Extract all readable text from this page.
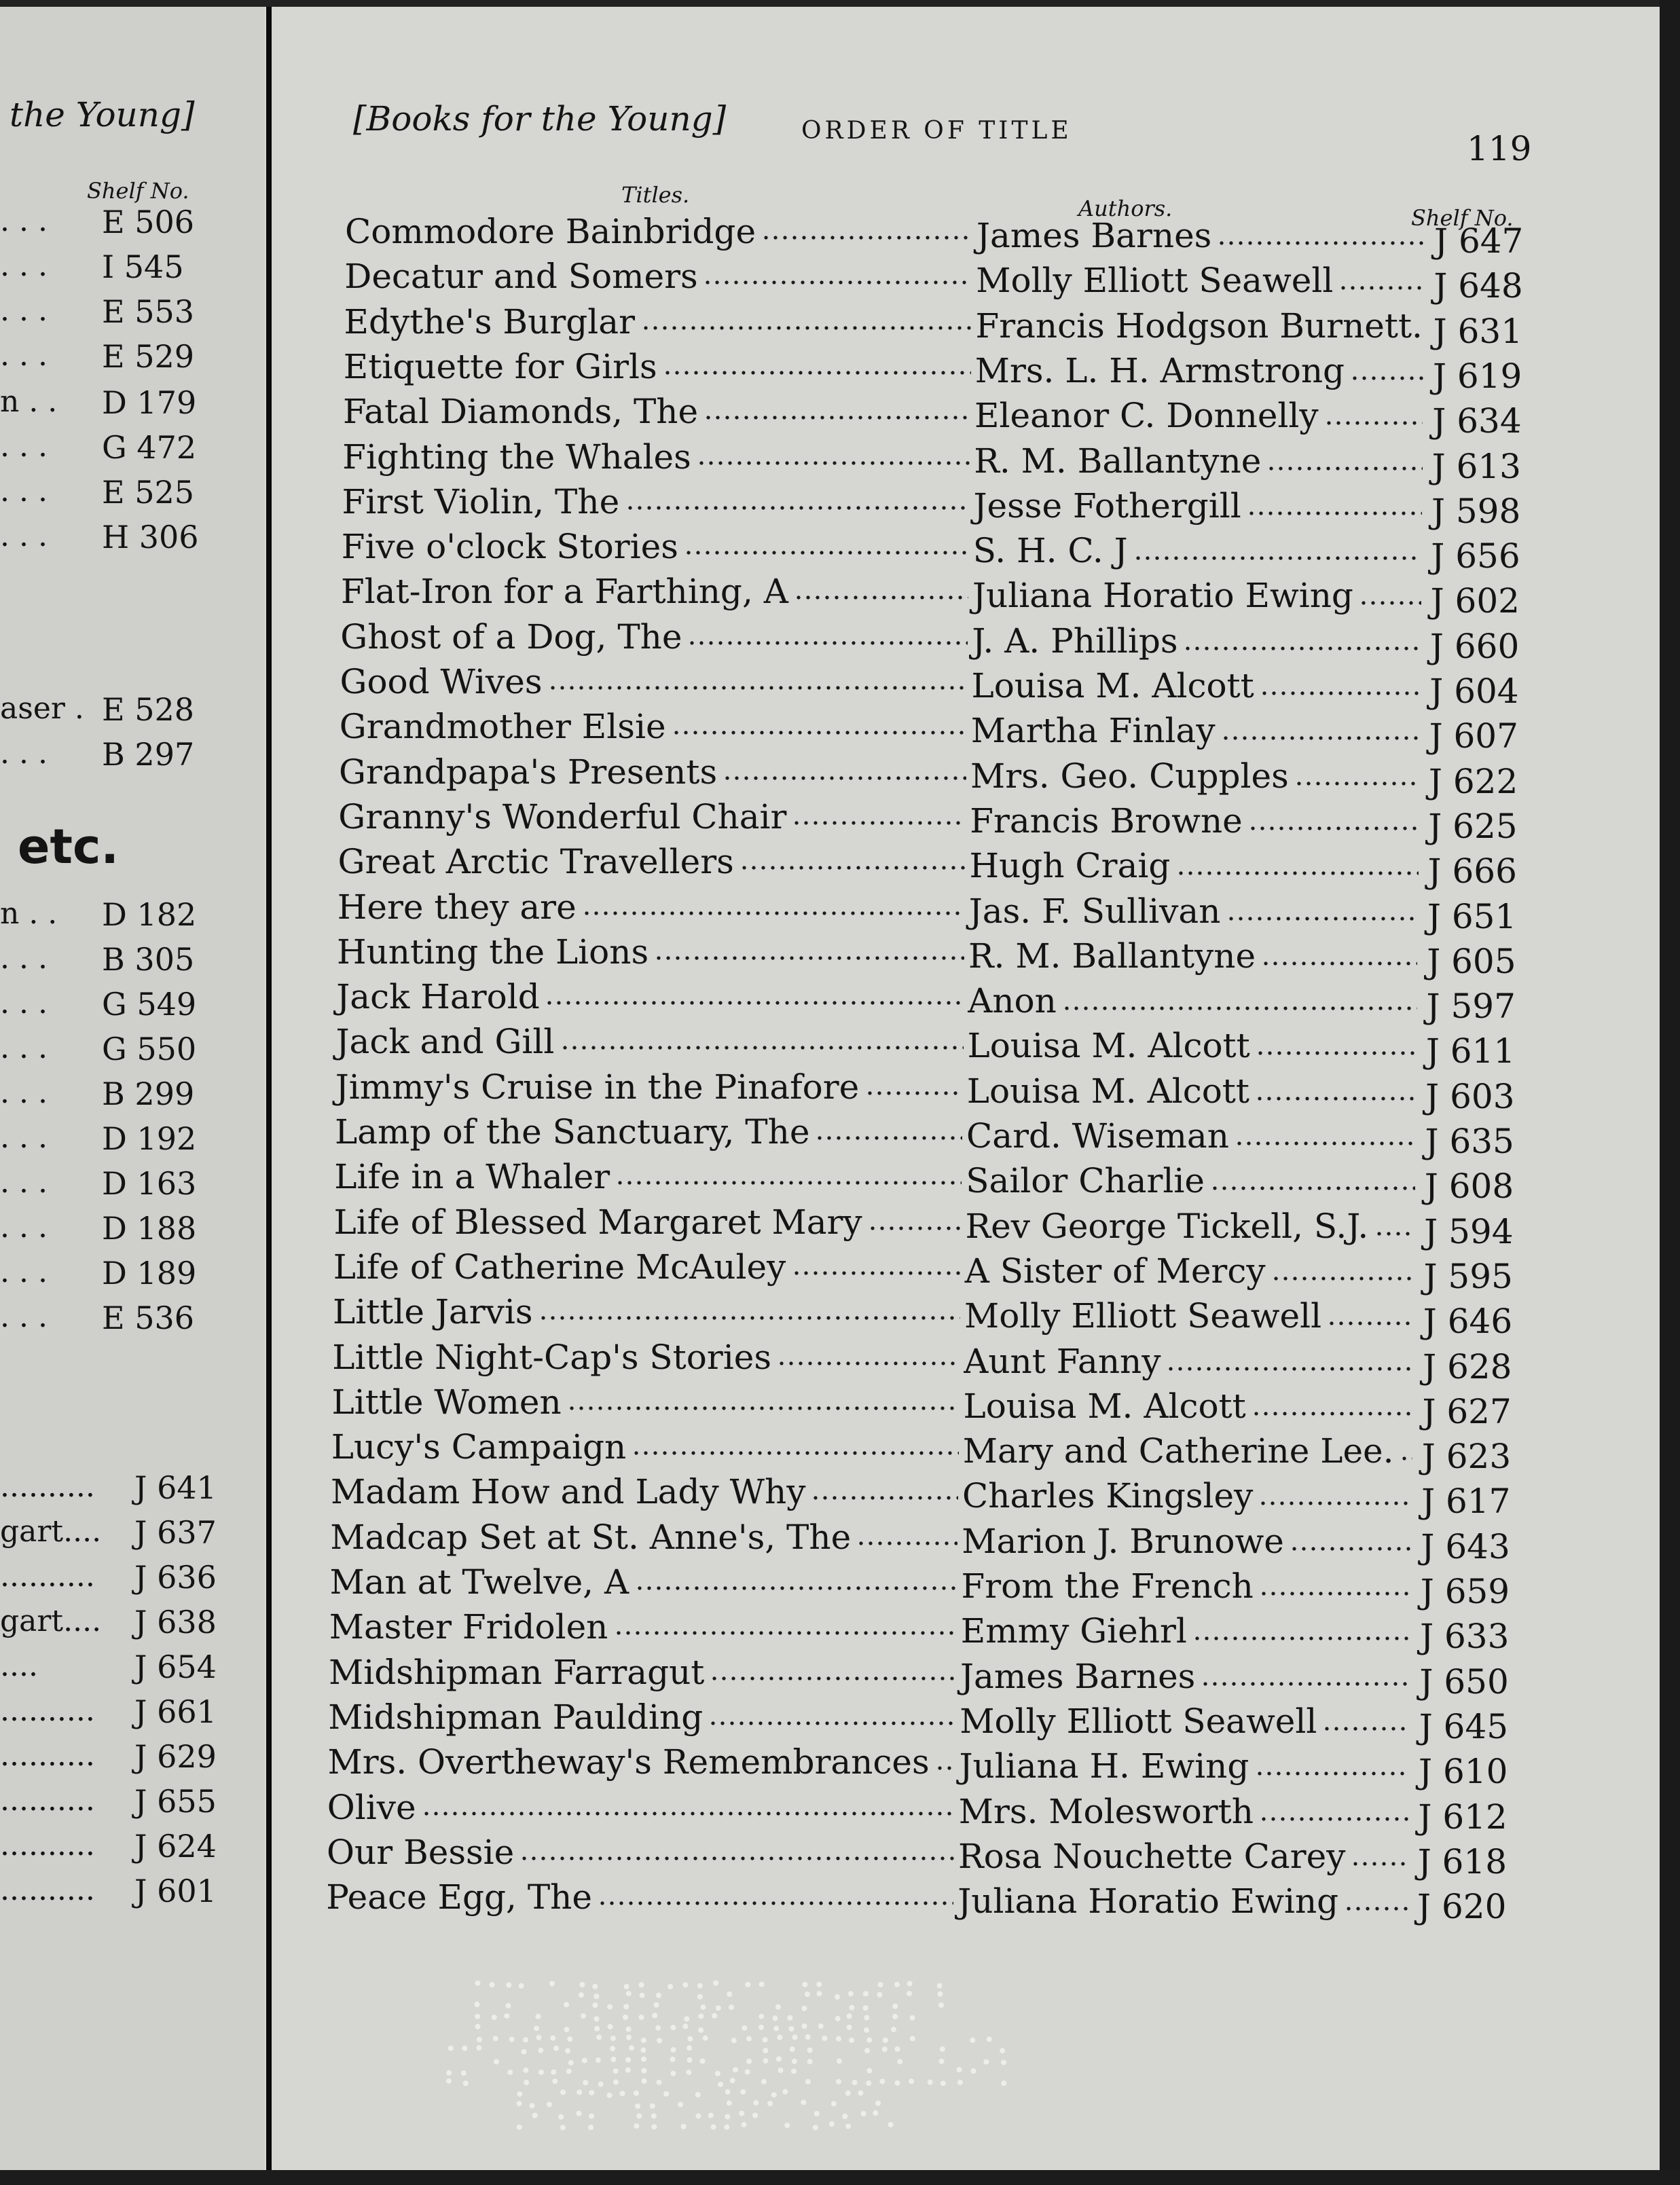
the Young]
Shelf No.
etc.
. . . E 506
. . . I 545
. . . E 553
. . . E 529
n . . D 179
. . . G 472
. . . E 525
. . . H 306
aser . E 528
. . . B 297
n . . D 182
. . . B 305
. . . G 549
. . . G 550
. . . B 299
. . . D 192
. . . D 163
. . . D 188
. . . D 189
. . . E 536
.......... J 641
gart.... J 637
.......... J 636
gart.... J 638
....	J 654
.......... J 661
.......... J 629
.......... J 655
.......... J 624
.......... J 601
[Books for the Young]	ORDER OF TITLE	119
Titles.
Authors.	Shelf No.
Commodore Bainbridge	James Barnes	J 647
Decatur and Somers	Molly Elliott Seawell	J 648
Edythe's Burglar	Francis Hodgson Burnett. J 631
Etiquette for Girls	Mrs. L. H. Armstrong	J 619
Fatal Diamonds, The	Eleanor C. Donnelly	J 634
Fighting the Whales	R. M. Ballantyne	J 613
First Violin, The	Jesse Fothergill	J 598
Five o'clock Stories	S. H. C. J	J 656
Flat-Iron for a Farthing, A	Juliana Horatio Ewing J 602
Ghost of a Dog, The	J. A. Phillips	J 660
Good Wives	Louisa M. Alcott	J 604
Grandmother Elsie	Martha Finlay	J 607
Grandpapa's Presents	Mrs. Geo. Cupples	J 622
Granny's Wonderful Chair	Francis Browne	J 625
Great Arctic Travellers	Hugh Craig	J 666
Here they are	Jas. F. Sullivan	J 651
Hunting the Lions	R. M. Ballantyne	J 605
Jack Harold	Anon	J 597
Jack and Gill	Louisa M. Alcott	J 611
Jimmy's Cruise in the Pinafore	Louisa M. Alcott	J 603
Lamp of the Sanctuary, The	Card. Wiseman	J 635
Life in a Whaler	Sailor Charlie	J 608
Life of Blessed Margaret Mary	Rev George Tickell, S.J. J 594
Life of Catherine McAuley	A Sister of Mercy	J 595
Little Jarvis	Molly Elliott Seawell	J 646
Little Night-Cap's Stories	Aunt Fanny	J 628
Little Women	Louisa M. Alcott	J 627
Lucy's Campaign	Mary and Catherine Lee. J 623
Madam How and Lady Why	Charles Kingsley	J 617
Madcap Set at St. Anne's, The	Marion J. Brunowe	J 643
Man at Twelve, A	From the French	J 659
Master Fridolen	Emmy Giehrl	J 633
Midshipman Farragut	James Barnes	J 650
Midshipman Paulding	Molly Elliott Seawell	J 645
Mrs. Overtheway's Remembrances Juliana H. Ewing	J 610
Olive	Mrs. Molesworth	J 612
Our Bessie	Rosa Nouchette Carey J 618
Peace Egg, The	Juliana Horatio Ewing J 620
